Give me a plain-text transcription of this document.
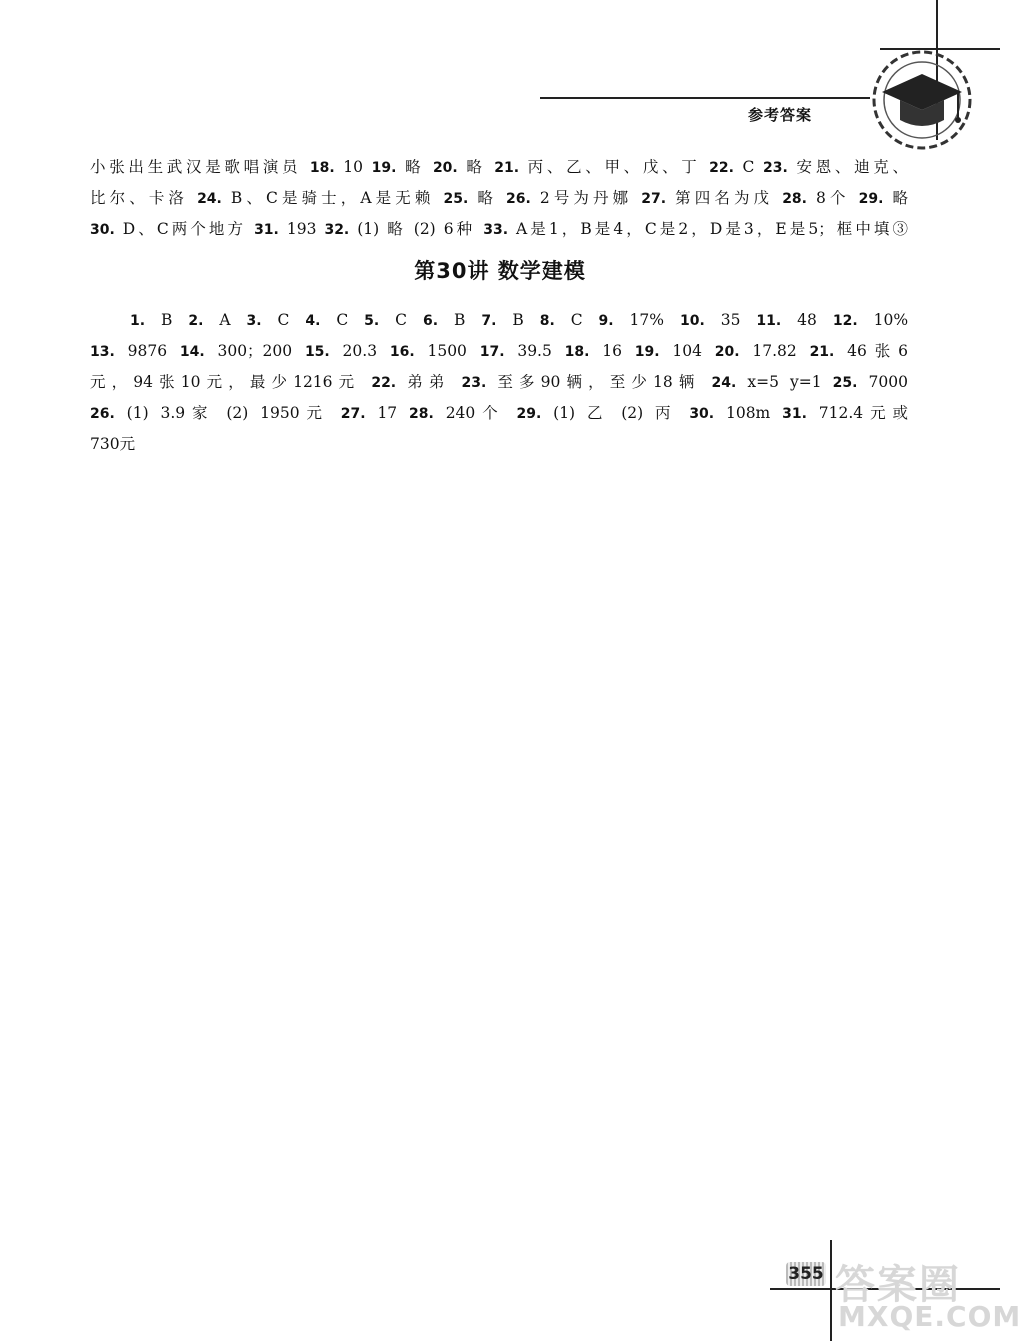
参考答案
小张出生武汉是歌唱演员 18. 10 19. 略 20. 略 21. 丙、乙、甲、戊、丁 22. C 23. 安恩、迪克、
比尔、卡洛 24. B、C是骑士，A是无赖 25. 略 26. 2号为丹娜 27. 第四名为戊 28. 8个 29. 略
30. D、C两个地方 31. 193 32. (1) 略 (2) 6种 33. A是1，B是4，C是2，D是3，E是5；框中填③
第30讲 数学建模
1. B 2. A 3. C 4. C 5. C 6. B 7. B 8. C 9. 17% 10. 35 11. 48 12. 10%
13. 9876 14. 300；200 15. 20.3 16. 1500 17. 39.5 18. 16 19. 104 20. 17.82 21. 46张6
元，94张10元，最少1216元 22. 弟弟 23. 至多90辆，至少18辆 24. x=5 y=1 25. 7000
26. (1) 3.9家 (2) 1950元 27. 17 28. 240个 29. (1) 乙 (2) 丙 30. 108m 31. 712.4元或
730元
355 答案圈
MXQE.COM
